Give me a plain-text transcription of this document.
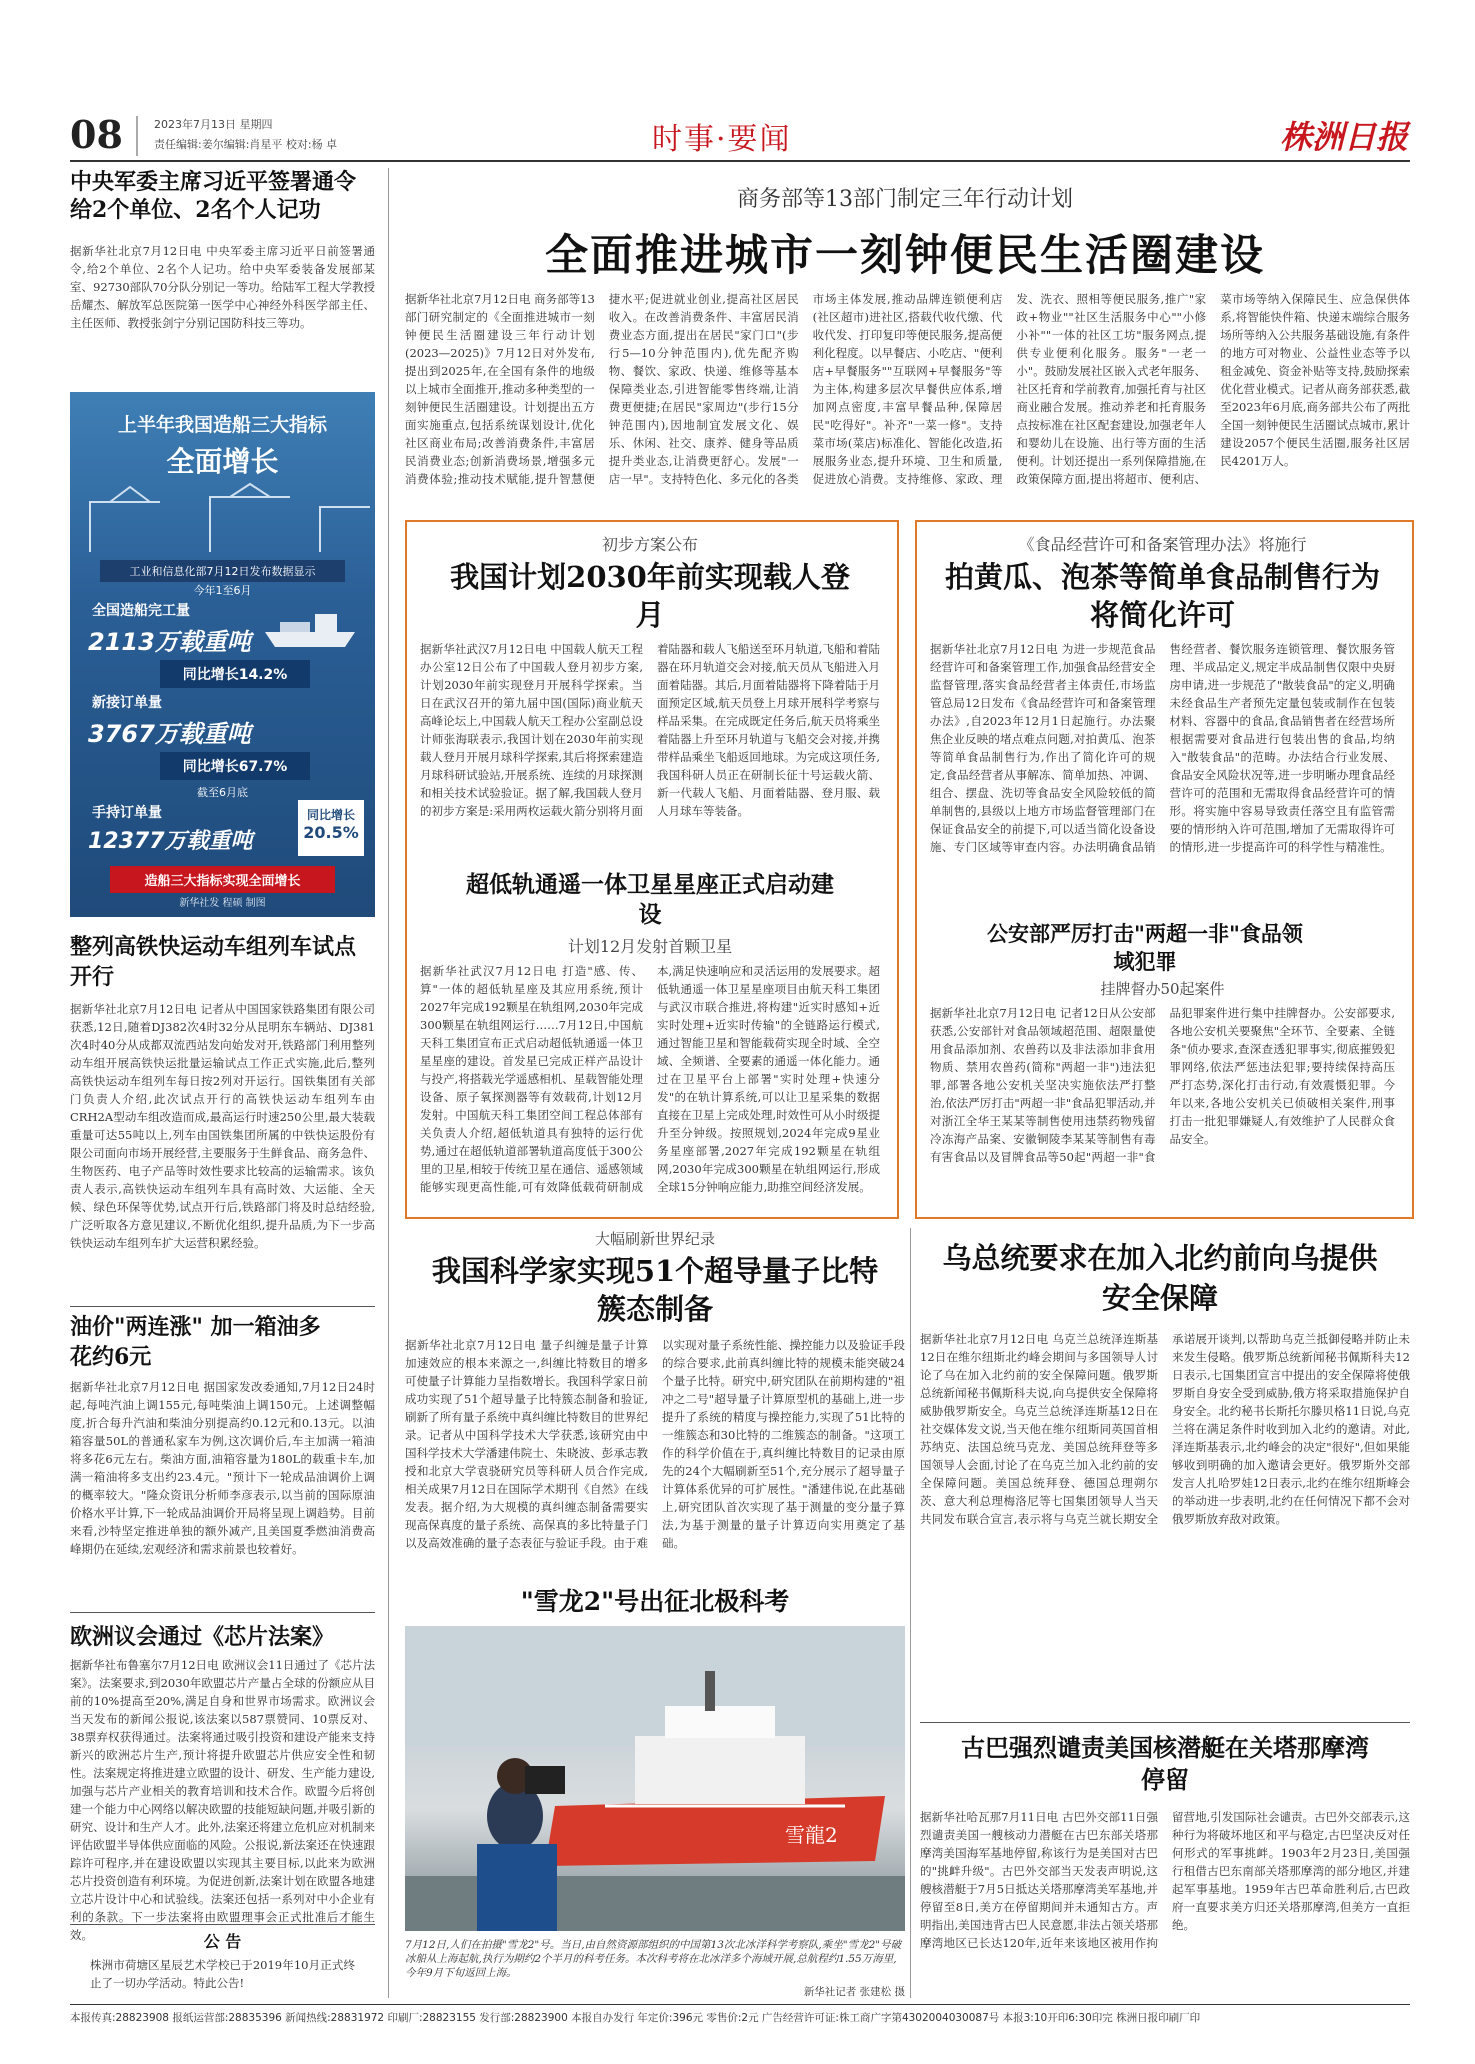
08	2023年7月13日 星期四
责任编辑:姜尔编辑:肖星平 校对:杨 卓	时事·要闻	株洲日报
中央军委主席习近平签署通令给2个单位、2名个人记功
据新华社北京7月12日电 中央军委主席习近平日前签署通令,给2个单位、2名个人记功。给中央军委装备发展部某室、92730部队70分队分别记一等功。给陆军工程大学教授岳耀杰、解放军总医院第一医学中心神经外科医学部主任、主任医师、教授张剑宁分别记国防科技三等功。
上半年我国造船三大指标
全面增长
工业和信息化部7月12日发布数据显示
今年1至6月
全国造船完工量
2113万载重吨
同比增长14.2%
新接订单量
3767万载重吨
同比增长67.7%
截至6月底
手持订单量
12377万载重吨
同比增长
20.5%
造船三大指标实现全面增长
新华社发 程硕 制图
整列高铁快运动车组列车试点开行
据新华社北京7月12日电 记者从中国国家铁路集团有限公司获悉,12日,随着DJ382次4时32分从昆明东车辆站、DJ381次4时40分从成都双流西站发向始发对开,铁路部门利用整列动车组开展高铁快运批量运输试点工作正式实施,此后,整列高铁快运动车组列车每日按2列对开运行。国铁集团有关部门负责人介绍,此次试点开行的高铁快运动车组列车由CRH2A型动车组改造而成,最高运行时速250公里,最大装载重量可达55吨以上,列车由国铁集团所属的中铁快运股份有限公司面向市场开展经营,主要服务于生鲜食品、商务急件、生物医药、电子产品等时效性要求比较高的运输需求。该负责人表示,高铁快运动车组列车具有高时效、大运能、全天候、绿色环保等优势,试点开行后,铁路部门将及时总结经验,广泛听取各方意见建议,不断优化组织,提升品质,为下一步高铁快运动车组列车扩大运营积累经验。
油价"两连涨" 加一箱油多花约6元
据新华社北京7月12日电 据国家发改委通知,7月12日24时起,每吨汽油上调155元,每吨柴油上调150元。上述调整幅度,折合每升汽油和柴油分别提高约0.12元和0.13元。以油箱容量50L的普通私家车为例,这次调价后,车主加满一箱油将多花6元左右。柴油方面,油箱容量为180L的载重卡车,加满一箱油将多支出约23.4元。"预计下一轮成品油调价上调的概率较大。"隆众资讯分析师李彦表示,以当前的国际原油价格水平计算,下一轮成品油调价开局将呈现上调趋势。目前来看,沙特坚定推进单独的额外减产,且美国夏季燃油消费高峰期仍在延续,宏观经济和需求前景也较着好。
欧洲议会通过《芯片法案》
据新华社布鲁塞尔7月12日电 欧洲议会11日通过了《芯片法案》。法案要求,到2030年欧盟芯片产量占全球的份额应从目前的10%提高至20%,满足自身和世界市场需求。欧洲议会当天发布的新闻公报说,该法案以587票赞同、10票反对、38票弃权获得通过。法案将通过吸引投资和建设产能来支持新兴的欧洲芯片生产,预计将提升欧盟芯片供应安全性和韧性。法案规定将推进建立欧盟的设计、研发、生产能力建设,加强与芯片产业相关的教育培训和技术合作。欧盟今后将创建一个能力中心网络以解决欧盟的技能短缺问题,并吸引新的研究、设计和生产人才。此外,法案还将建立危机应对机制来评估欧盟半导体供应面临的风险。公报说,新法案还在快速跟踪许可程序,并在建设欧盟以实现其主要目标,以此来为欧洲芯片投资创造有利环境。为促进创新,法案计划在欧盟各地建立芯片设计中心和试验线。法案还包括一系列对中小企业有利的条款。下一步法案将由欧盟理事会正式批准后才能生效。	公 告
株洲市荷塘区星辰艺术学校已于2019年10月正式终止了一切办学活动。特此公告!
商务部等13部门制定三年行动计划
全面推进城市一刻钟便民生活圈建设
据新华社北京7月12日电 商务部等13部门研究制定的《全面推进城市一刻钟便民生活圈建设三年行动计划(2023—2025)》7月12日对外发布,提出到2025年,在全国有条件的地级以上城市全面推开,推动多种类型的一刻钟便民生活圈建设。计划提出五方面实施重点,包括系统谋划设计,优化社区商业布局;改善消费条件,丰富居民消费业态;创新消费场景,增强多元消费体验;推动技术赋能,提升智慧便捷水平;促进就业创业,提高社区居民收入。在改善消费条件、丰富居民消费业态方面,提出在居民"家门口"(步行5—10分钟范围内),优先配齐购物、餐饮、家政、快递、维修等基本保障类业态,引进智能零售终端,让消费更便捷;在居民"家周边"(步行15分钟范围内),因地制宜发展文化、娱乐、休闲、社交、康养、健身等品质提升类业态,让消费更舒心。发展"一店一早"。支持特色化、多元化的各类市场主体发展,推动品牌连锁便利店(社区超市)进社区,搭载代收代缴、代收代发、打印复印等便民服务,提高便利化程度。以早餐店、小吃店、"便利店+早餐服务""互联网+早餐服务"等为主体,构建多层次早餐供应体系,增加网点密度,丰富早餐品种,保障居民"吃得好"。补齐"一菜一修"。支持菜市场(菜店)标准化、智能化改造,拓展服务业态,提升环境、卫生和质量,促进放心消费。支持维修、家政、理发、洗衣、照相等便民服务,推广"家政+物业""社区生活服务中心""小修小补""一体的社区工坊"服务网点,提供专业便利化服务。服务"一老一小"。鼓励发展社区嵌入式老年服务、社区托育和学前教育,加强托育与社区商业融合发展。推动养老和托育服务点按标准在社区配套建设,加强老年人和婴幼儿在设施、出行等方面的生活便利。计划还提出一系列保障措施,在政策保障方面,提出将超市、便利店、菜市场等纳入保障民生、应急保供体系,将智能快件箱、快递末端综合服务场所等纳入公共服务基础设施,有条件的地方可对物业、公益性业态等予以租金减免、资金补贴等支持,鼓励探索优化营业模式。记者从商务部获悉,截至2023年6月底,商务部共公布了两批全国一刻钟便民生活圈试点城市,累计建设2057个便民生活圈,服务社区居民4201万人。
初步方案公布
我国计划2030年前实现载人登月
据新华社武汉7月12日电 中国载人航天工程办公室12日公布了中国载人登月初步方案,计划2030年前实现登月开展科学探索。当日在武汉召开的第九届中国(国际)商业航天高峰论坛上,中国载人航天工程办公室副总设计师张海联表示,我国计划在2030年前实现载人登月开展月球科学探索,其后将探索建造月球科研试验站,开展系统、连续的月球探测和相关技术试验验证。据了解,我国载人登月的初步方案是:采用两枚运载火箭分别将月面着陆器和载人飞船送至环月轨道,飞船和着陆器在环月轨道交会对接,航天员从飞船进入月面着陆器。其后,月面着陆器将下降着陆于月面预定区域,航天员登上月球开展科学考察与样品采集。在完成既定任务后,航天员将乘坐着陆器上升至环月轨道与飞船交会对接,并携带样品乘坐飞船返回地球。为完成这项任务,我国科研人员正在研制长征十号运载火箭、新一代载人飞船、月面着陆器、登月服、载人月球车等装备。
超低轨通遥一体卫星星座正式启动建设
计划12月发射首颗卫星
据新华社武汉7月12日电 打造"感、传、算"一体的超低轨星座及其应用系统,预计2027年完成192颗星在轨组网,2030年完成300颗星在轨组网运行……7月12日,中国航天科工集团宣布正式启动超低轨通遥一体卫星星座的建设。首发星已完成正样产品设计与投产,将搭载光学遥感相机、星载智能处理设备、原子氧探测器等有效载荷,计划12月发射。中国航天科工集团空间工程总体部有关负责人介绍,超低轨道具有独特的运行优势,通过在超低轨道部署轨道高度低于300公里的卫星,相较于传统卫星在通信、遥感领域能够实现更高性能,可有效降低载荷研制成本,满足快速响应和灵活运用的发展要求。超低轨通遥一体卫星星座项目由航天科工集团与武汉市联合推进,将构建"近实时感知+近实时处理+近实时传输"的全链路运行模式,通过智能卫星和智能载荷实现全时域、全空域、全频谱、全要素的通遥一体化能力。通过在卫星平台上部署"实时处理+快速分发"的在轨计算系统,可以让卫星采集的数据直接在卫星上完成处理,时效性可从小时级提升至分钟级。按照规划,2024年完成9星业务星座部署,2027年完成192颗星在轨组网,2030年完成300颗星在轨组网运行,形成全球15分钟响应能力,助推空间经济发展。
《食品经营许可和备案管理办法》将施行
拍黄瓜、泡茶等简单食品制售行为将简化许可
据新华社北京7月12日电 为进一步规范食品经营许可和备案管理工作,加强食品经营安全监督管理,落实食品经营者主体责任,市场监管总局12日发布《食品经营许可和备案管理办法》,自2023年12月1日起施行。办法聚焦企业反映的堵点难点问题,对拍黄瓜、泡茶等简单食品制售行为,作出了简化许可的规定,食品经营者从事解冻、简单加热、冲调、组合、摆盘、洗切等食品安全风险较低的简单制售的,县级以上地方市场监督管理部门在保证食品安全的前提下,可以适当简化设备设施、专门区域等审查内容。办法明确食品销售经营者、餐饮服务连锁管理、餐饮服务管理、半成品定义,规定半成品制售仅限中央厨房申请,进一步规范了"散装食品"的定义,明确未经食品生产者预先定量包装或制作在包装材料、容器中的食品,食品销售者在经营场所根据需要对食品进行包装出售的食品,均纳入"散装食品"的范畴。办法结合行业发展、食品安全风险状况等,进一步明晰办理食品经营许可的范围和无需取得食品经营许可的情形。将实施中容易导致责任落空且有监管需要的情形纳入许可范围,增加了无需取得许可的情形,进一步提高许可的科学性与精准性。
公安部严厉打击"两超一非"食品领域犯罪
挂牌督办50起案件
据新华社北京7月12日电 记者12日从公安部获悉,公安部针对食品领域超范围、超限量使用食品添加剂、农兽药以及非法添加非食用物质、禁用农兽药(简称"两超一非")违法犯罪,部署各地公安机关坚决实施依法严打整治,依法严厉打击"两超一非"食品犯罪活动,并对浙江全华王某某等制售使用违禁药物残留冷冻海产品案、安徽铜陵李某某等制售有毒有害食品以及冒牌食品等50起"两超一非"食品犯罪案件进行集中挂牌督办。公安部要求,各地公安机关要聚焦"全环节、全要素、全链条"侦办要求,查深查透犯罪事实,彻底摧毁犯罪网络,依法严惩违法犯罪;要持续保持高压严打态势,深化打击行动,有效震慑犯罪。今年以来,各地公安机关已侦破相关案件,刑事打击一批犯罪嫌疑人,有效维护了人民群众食品安全。
大幅刷新世界纪录
我国科学家实现51个超导量子比特簇态制备
据新华社北京7月12日电 量子纠缠是量子计算加速效应的根本来源之一,纠缠比特数目的增多可使量子计算能力呈指数增长。我国科学家日前成功实现了51个超导量子比特簇态制备和验证,刷新了所有量子系统中真纠缠比特数目的世界纪录。记者从中国科学技术大学获悉,该研究由中国科学技术大学潘建伟院士、朱晓波、彭承志教授和北京大学袁骁研究员等科研人员合作完成,相关成果7月12日在国际学术期刊《自然》在线发表。据介绍,为大规模的真纠缠态制备需要实现高保真度的量子系统、高保真的多比特量子门以及高效准确的量子态表征与验证手段。由于难以实现对量子系统性能、操控能力以及验证手段的综合要求,此前真纠缠比特的规模未能突破24个量子比特。研究中,研究团队在前期构建的"祖冲之二号"超导量子计算原型机的基础上,进一步提升了系统的精度与操控能力,实现了51比特的一维簇态和30比特的二维簇态的制备。"这项工作的科学价值在于,真纠缠比特数目的记录由原先的24个大幅刷新至51个,充分展示了超导量子计算体系优异的可扩展性。"潘建伟说,在此基础上,研究团队首次实现了基于测量的变分量子算法,为基于测量的量子计算迈向实用奠定了基础。
"雪龙2"号出征北极科考
雪龍2
7月12日,人们在拍摄"雪龙2"号。当日,由自然资源部组织的中国第13次北冰洋科学考察队,乘坐"雪龙2"号破冰船从上海起航,执行为期约2个半月的科考任务。本次科考将在北冰洋多个海域开展,总航程约1.55万海里,今年9月下旬返回上海。
新华社记者 张建松 摄
乌总统要求在加入北约前向乌提供安全保障
据新华社北京7月12日电 乌克兰总统泽连斯基12日在维尔纽斯北约峰会期间与多国领导人讨论了乌在加入北约前的安全保障问题。俄罗斯总统新闻秘书佩斯科夫说,向乌提供安全保障将威胁俄罗斯安全。乌克兰总统泽连斯基12日在社交媒体发文说,当天他在维尔纽斯同英国首相苏纳克、法国总统马克龙、美国总统拜登等多国领导人会面,讨论了在乌克兰加入北约前的安全保障问题。美国总统拜登、德国总理朔尔茨、意大利总理梅洛尼等七国集团领导人当天共同发布联合宣言,表示将与乌克兰就长期安全承诺展开谈判,以帮助乌克兰抵御侵略并防止未来发生侵略。俄罗斯总统新闻秘书佩斯科夫12日表示,七国集团宣言中提出的安全保障将使俄罗斯自身安全受到威胁,俄方将采取措施保护自身安全。北约秘书长斯托尔滕贝格11日说,乌克兰将在满足条件时收到加入北约的邀请。对此,泽连斯基表示,北约峰会的决定"很好",但如果能够收到明确的加入邀请会更好。俄罗斯外交部发言人扎哈罗娃12日表示,北约在维尔纽斯峰会的举动进一步表明,北约在任何情况下都不会对俄罗斯放弃敌对政策。
古巴强烈谴责美国核潜艇在关塔那摩湾停留
据新华社哈瓦那7月11日电 古巴外交部11日强烈谴责美国一艘核动力潜艇在古巴东部关塔那摩湾美国海军基地停留,称该行为是美国对古巴的"挑衅升级"。古巴外交部当天发表声明说,这艘核潜艇于7月5日抵达关塔那摩湾美军基地,并停留至8日,美方在停留期间并未通知古方。声明指出,美国违背古巴人民意愿,非法占领关塔那摩湾地区已长达120年,近年来该地区被用作拘留营地,引发国际社会谴责。古巴外交部表示,这种行为将破坏地区和平与稳定,古巴坚决反对任何形式的军事挑衅。1903年2月23日,美国强行租借古巴东南部关塔那摩湾的部分地区,并建起军事基地。1959年古巴革命胜利后,古巴政府一直要求美方归还关塔那摩湾,但美方一直拒绝。
本报传真:28823908 报纸运营部:28835396 新闻热线:28831972 印刷厂:28823155 发行部:28823900 本报自办发行 年定价:396元 零售价:2元 广告经营许可证:株工商广字第4302004030087号 本报3:10开印6:30印完 株洲日报印刷厂印
